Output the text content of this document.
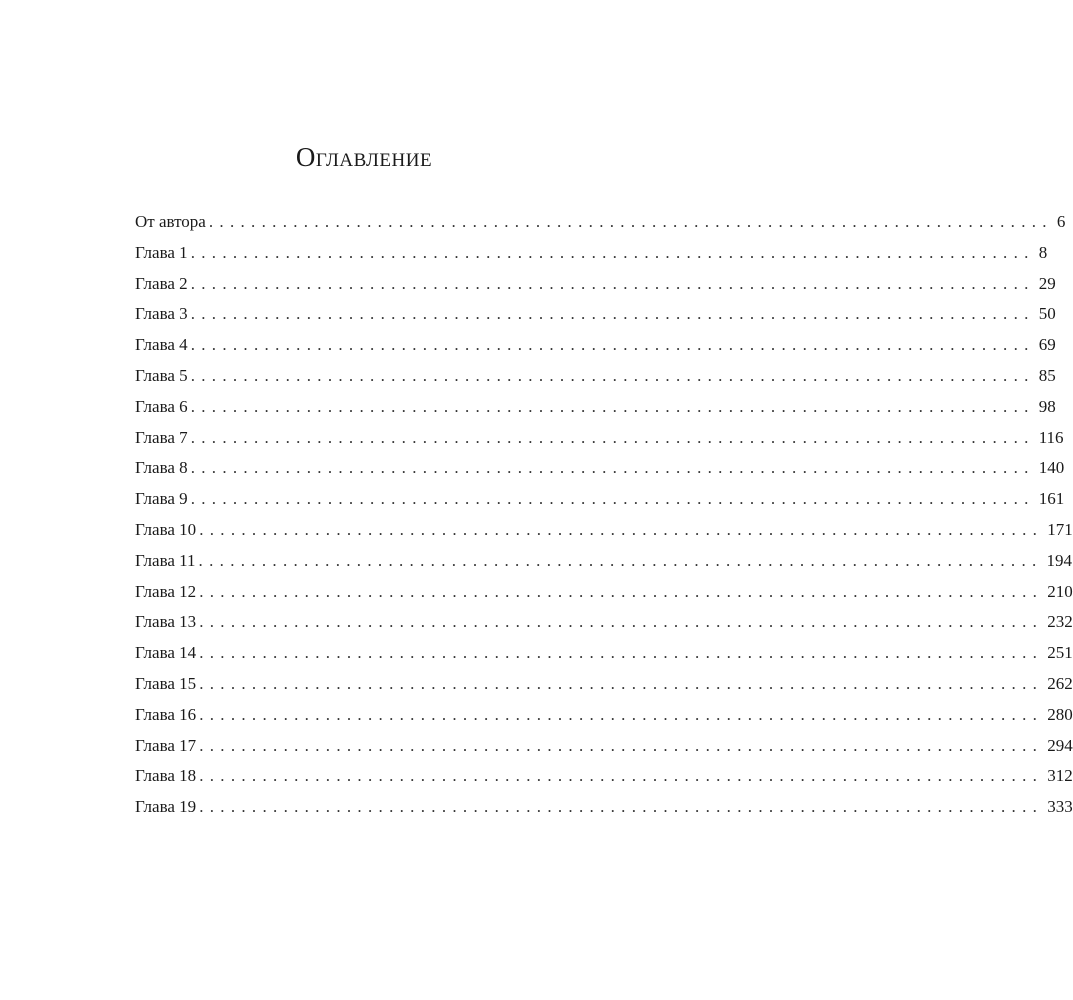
Оглавление
От автора ................................................................................ 6
Глава 1 ................................................................................ 8
Глава 2 ................................................................................ 29
Глава 3 ................................................................................ 50
Глава 4 ................................................................................ 69
Глава 5 ................................................................................ 85
Глава 6 ................................................................................ 98
Глава 7 ................................................................................ 116
Глава 8 ................................................................................ 140
Глава 9 ................................................................................ 161
Глава 10 ................................................................................ 171
Глава 11 ................................................................................ 194
Глава 12 ................................................................................ 210
Глава 13 ................................................................................ 232
Глава 14 ................................................................................ 251
Глава 15 ................................................................................ 262
Глава 16 ................................................................................ 280
Глава 17 ................................................................................ 294
Глава 18 ................................................................................ 312
Глава 19 ................................................................................ 333
